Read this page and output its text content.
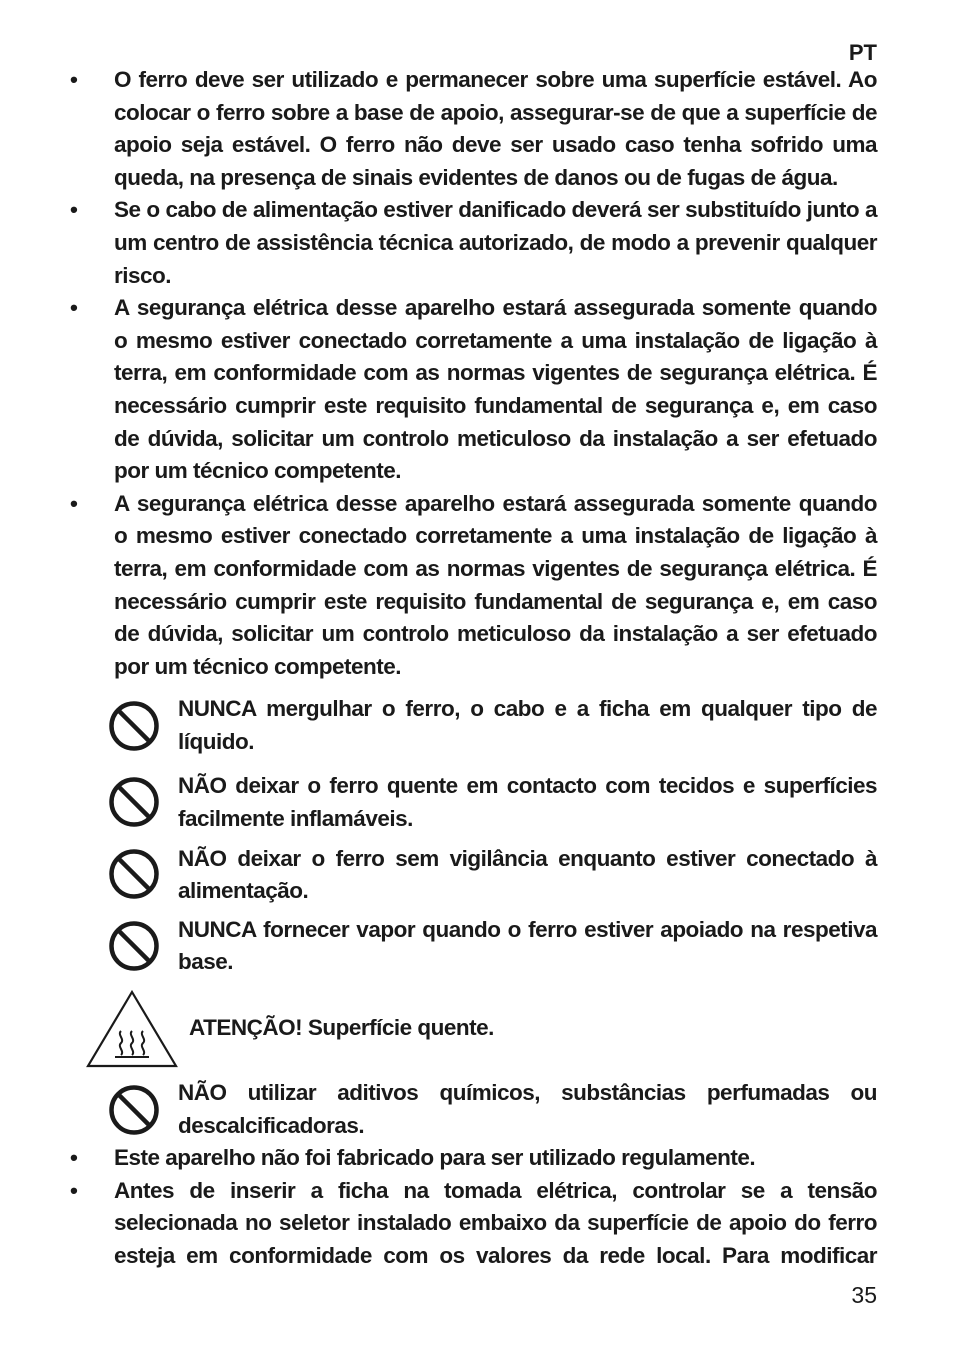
PT
• O ferro deve ser utilizado e permanecer sobre uma superfície estável. Ao colocar o ferro sobre a base de apoio, assegurar-se de que a superfície de apoio seja estável. O ferro não deve ser usado caso tenha sofrido uma queda, na presença de sinais evidentes de danos ou de fugas de água.
• Se o cabo de alimentação estiver danificado deverá ser substituído junto a um centro de assistência técnica autorizado, de modo a prevenir qualquer risco.
• A segurança elétrica desse aparelho estará assegurada somente quando o mesmo estiver conectado corretamente a uma instalação de ligação à terra, em conformidade com as normas vigentes de segurança elétrica. É necessário cumprir este requisito fundamental de segurança e, em caso de dúvida, solicitar um controlo meticuloso da instalação a ser efetuado por um técnico competente.
• A segurança elétrica desse aparelho estará assegurada somente quando o mesmo estiver conectado corretamente a uma instalação de ligação à terra, em conformidade com as normas vigentes de segurança elétrica. É necessário cumprir este requisito fundamental de segurança e, em caso de dúvida, solicitar um controlo meticuloso da instalação a ser efetuado por um técnico competente.
NUNCA mergulhar o ferro, o cabo e a ficha em qualquer tipo de líquido.
NÃO deixar o ferro quente em contacto com tecidos e superfícies facilmente inflamáveis.
NÃO deixar o ferro sem vigilância enquanto estiver conectado à alimentação.
NUNCA fornecer vapor quando o ferro estiver apoiado na respetiva base.
ATENÇÃO! Superfície quente.
NÃO utilizar aditivos químicos, substâncias perfumadas ou descalcificadoras.
• Este aparelho não foi fabricado para ser utilizado regulamente.
• Antes de inserir a ficha na tomada elétrica, controlar se a tensão selecionada no seletor instalado embaixo da superfície de apoio do ferro esteja em conformidade com os valores da rede local. Para modificar
35
